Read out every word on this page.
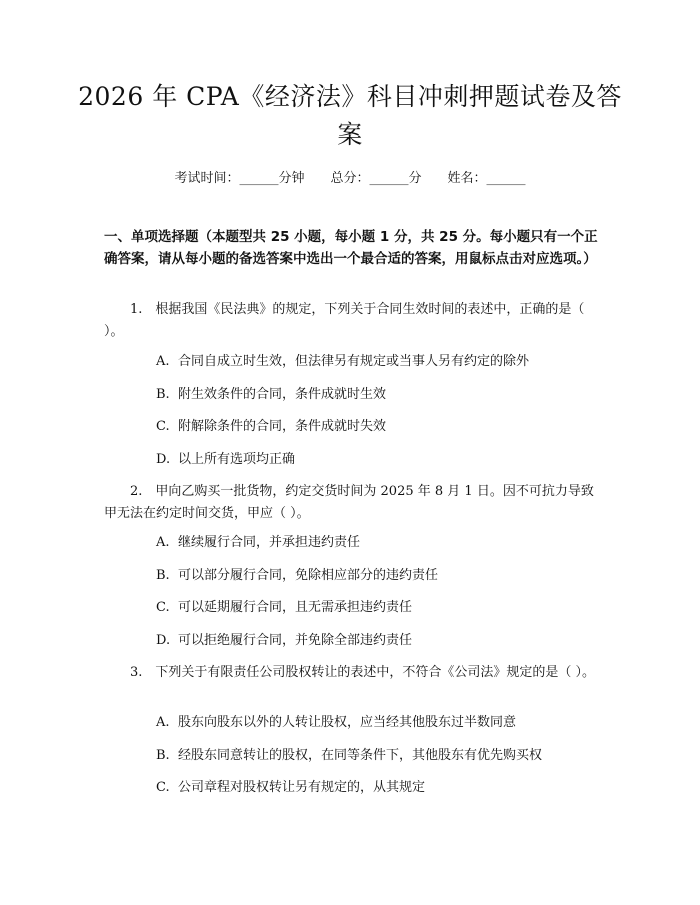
2026 年 CPA《经济法》科目冲刺押题试卷及答案
考试时间：______分钟 总分：______分 姓名：______

一、单项选择题（本题型共 25 小题，每小题 1 分，共 25 分。每小题只有一个正确答案，请从每小题的备选答案中选出一个最合适的答案，用鼠标点击对应选项。）

1.　根据我国《民法典》的规定，下列关于合同生效时间的表述中，正确的是（ ）。
A. 合同自成立时生效，但法律另有规定或当事人另有约定的除外
B. 附生效条件的合同，条件成就时生效
C. 附解除条件的合同，条件成就时失效
D. 以上所有选项均正确
2.　甲向乙购买一批货物，约定交货时间为 2025 年 8 月 1 日。因不可抗力导致甲无法在约定时间交货，甲应（ ）。
A. 继续履行合同，并承担违约责任
B. 可以部分履行合同，免除相应部分的违约责任
C. 可以延期履行合同，且无需承担违约责任
D. 可以拒绝履行合同，并免除全部违约责任
3.　下列关于有限责任公司股权转让的表述中，不符合《公司法》规定的是（ ）。
A. 股东向股东以外的人转让股权，应当经其他股东过半数同意
B. 经股东同意转让的股权，在同等条件下，其他股东有优先购买权
C. 公司章程对股权转让另有规定的，从其规定
